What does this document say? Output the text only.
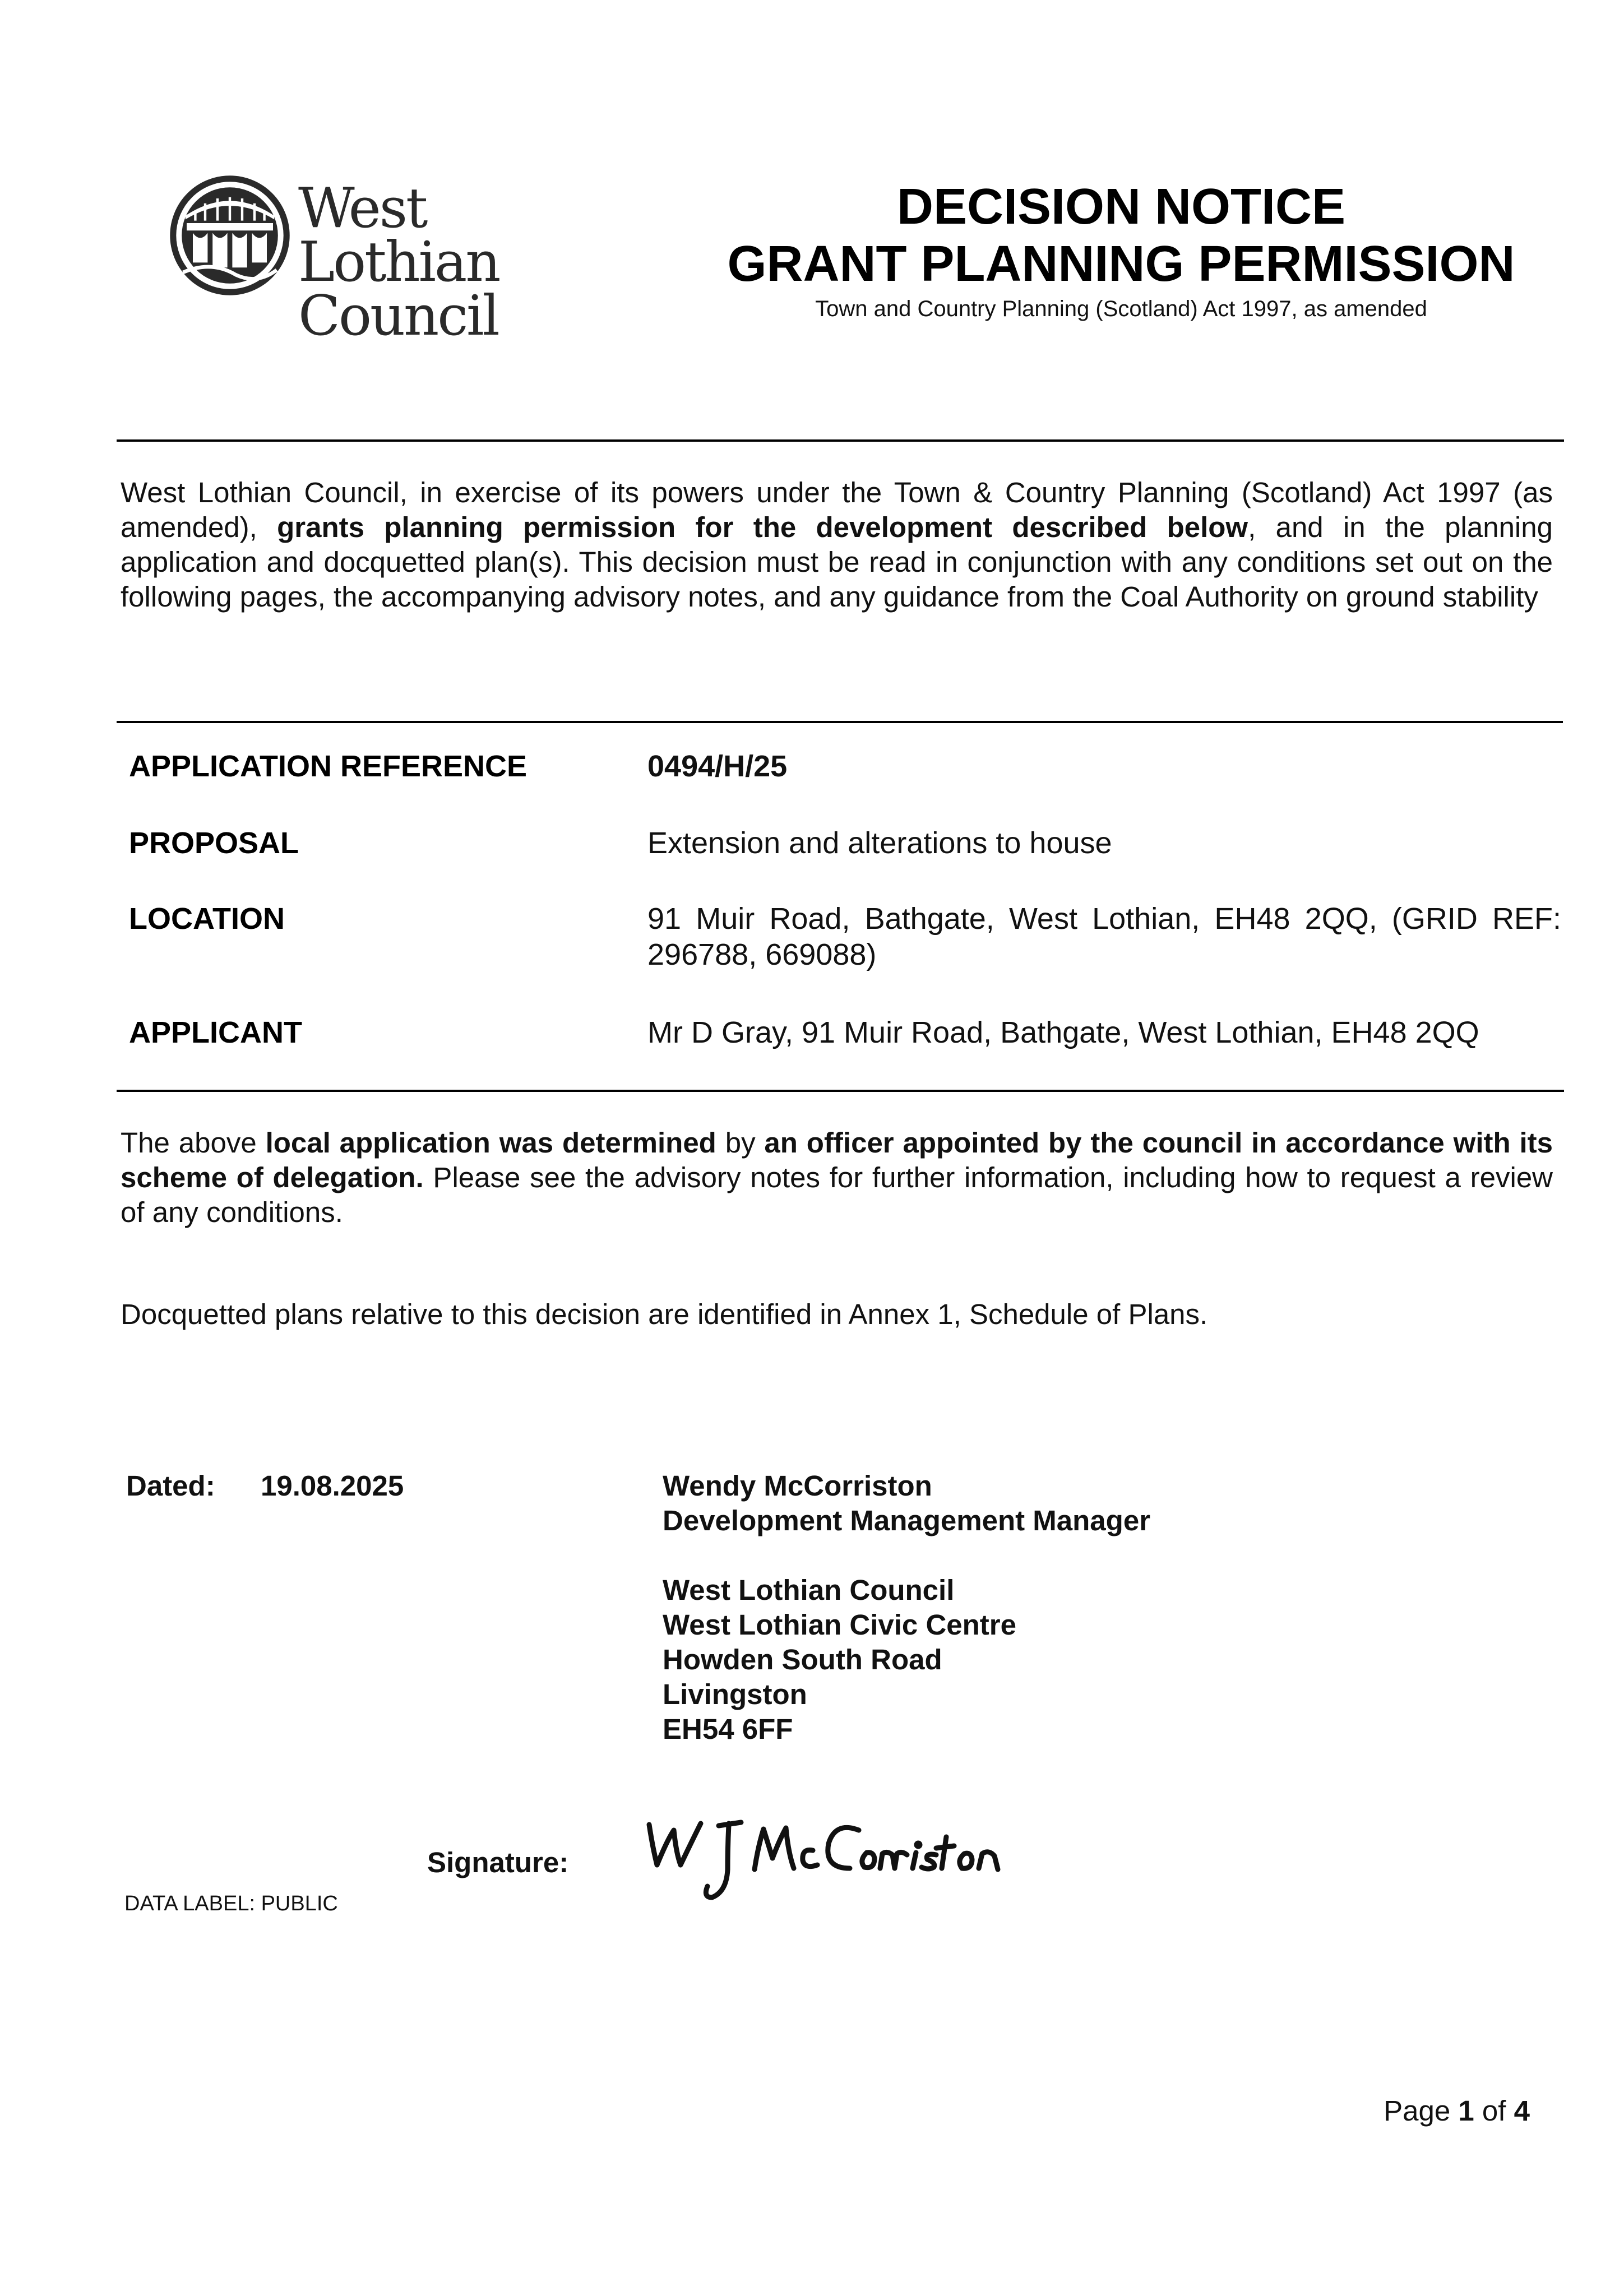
West Lothian
Council
DECISION NOTICE
GRANT PLANNING PERMISSION
Town and Country Planning (Scotland) Act 1997, as amended
West Lothian Council, in exercise of its powers under the Town & Country Planning (Scotland) Act 1997 (as amended), grants planning permission for the development described below, and in the planning application and docquetted plan(s). This decision must be read in conjunction with any conditions set out on the following pages, the accompanying advisory notes, and any guidance from the Coal Authority on ground stability
APPLICATION REFERENCE	0494/H/25
PROPOSAL	Extension and alterations to house
LOCATION	91 Muir Road, Bathgate, West Lothian, EH48 2QQ, (GRID REF: 296788, 669088)
APPLICANT	Mr D Gray, 91 Muir Road, Bathgate, West Lothian, EH48 2QQ
The above local application was determined by an officer appointed by the council in accordance with its scheme of delegation. Please see the advisory notes for further information, including how to request a review of any conditions.
Docquetted plans relative to this decision are identified in Annex 1, Schedule of Plans.
Dated: 19.08.2025	Wendy McCorriston
Development Management Manager
West Lothian Council
West Lothian Civic Centre
Howden South Road
Livingston
EH54 6FF
Signature:
DATA LABEL: PUBLIC
Page 1 of 4
